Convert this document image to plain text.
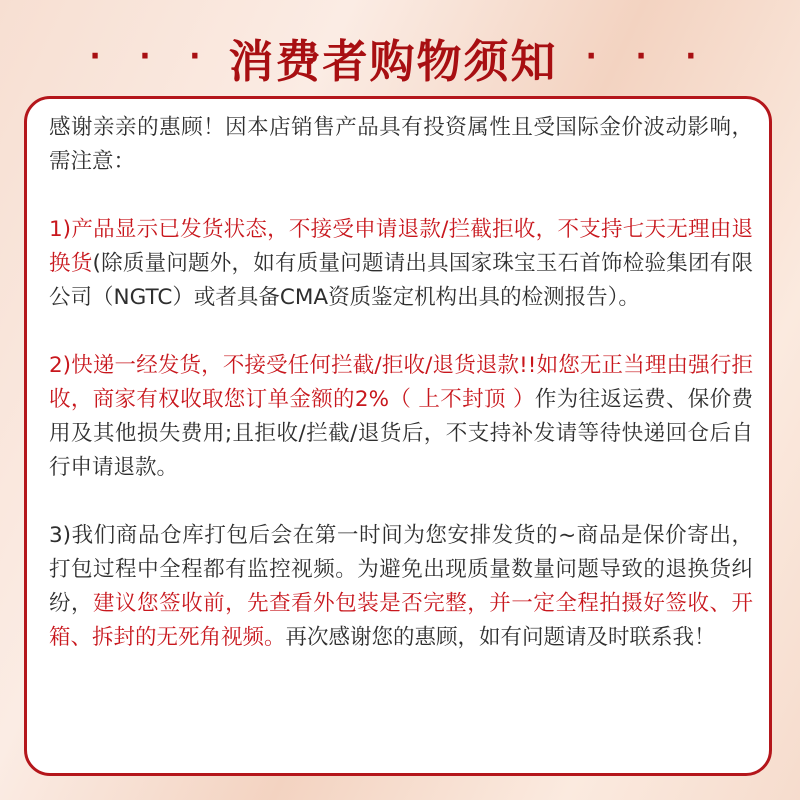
· · · 消费者购物须知 · · ·

感谢亲亲的惠顾！因本店销售产品具有投资属性且受国际金价波动影响，需注意：

1)产品显示已发货状态，不接受申请退款/拦截拒收，不支持七天无理由退换货(除质量问题外，如有质量问题请出具国家珠宝玉石首饰检验集团有限公司（NGTC）或者具备CMA资质鉴定机构出具的检测报告）。

2)快递一经发货，不接受任何拦截/拒收/退货退款!!如您无正当理由强行拒收，商家有权收取您订单金额的2%（ 上不封顶 ）作为往返运费、保价费用及其他损失费用;且拒收/拦截/退货后，不支持补发请等待快递回仓后自行申请退款。

3)我们商品仓库打包后会在第一时间为您安排发货的~商品是保价寄出，打包过程中全程都有监控视频。为避免出现质量数量问题导致的退换货纠纷，建议您签收前，先查看外包装是否完整，并一定全程拍摄好签收、开箱、拆封的无死角视频。再次感谢您的惠顾，如有问题请及时联系我！
